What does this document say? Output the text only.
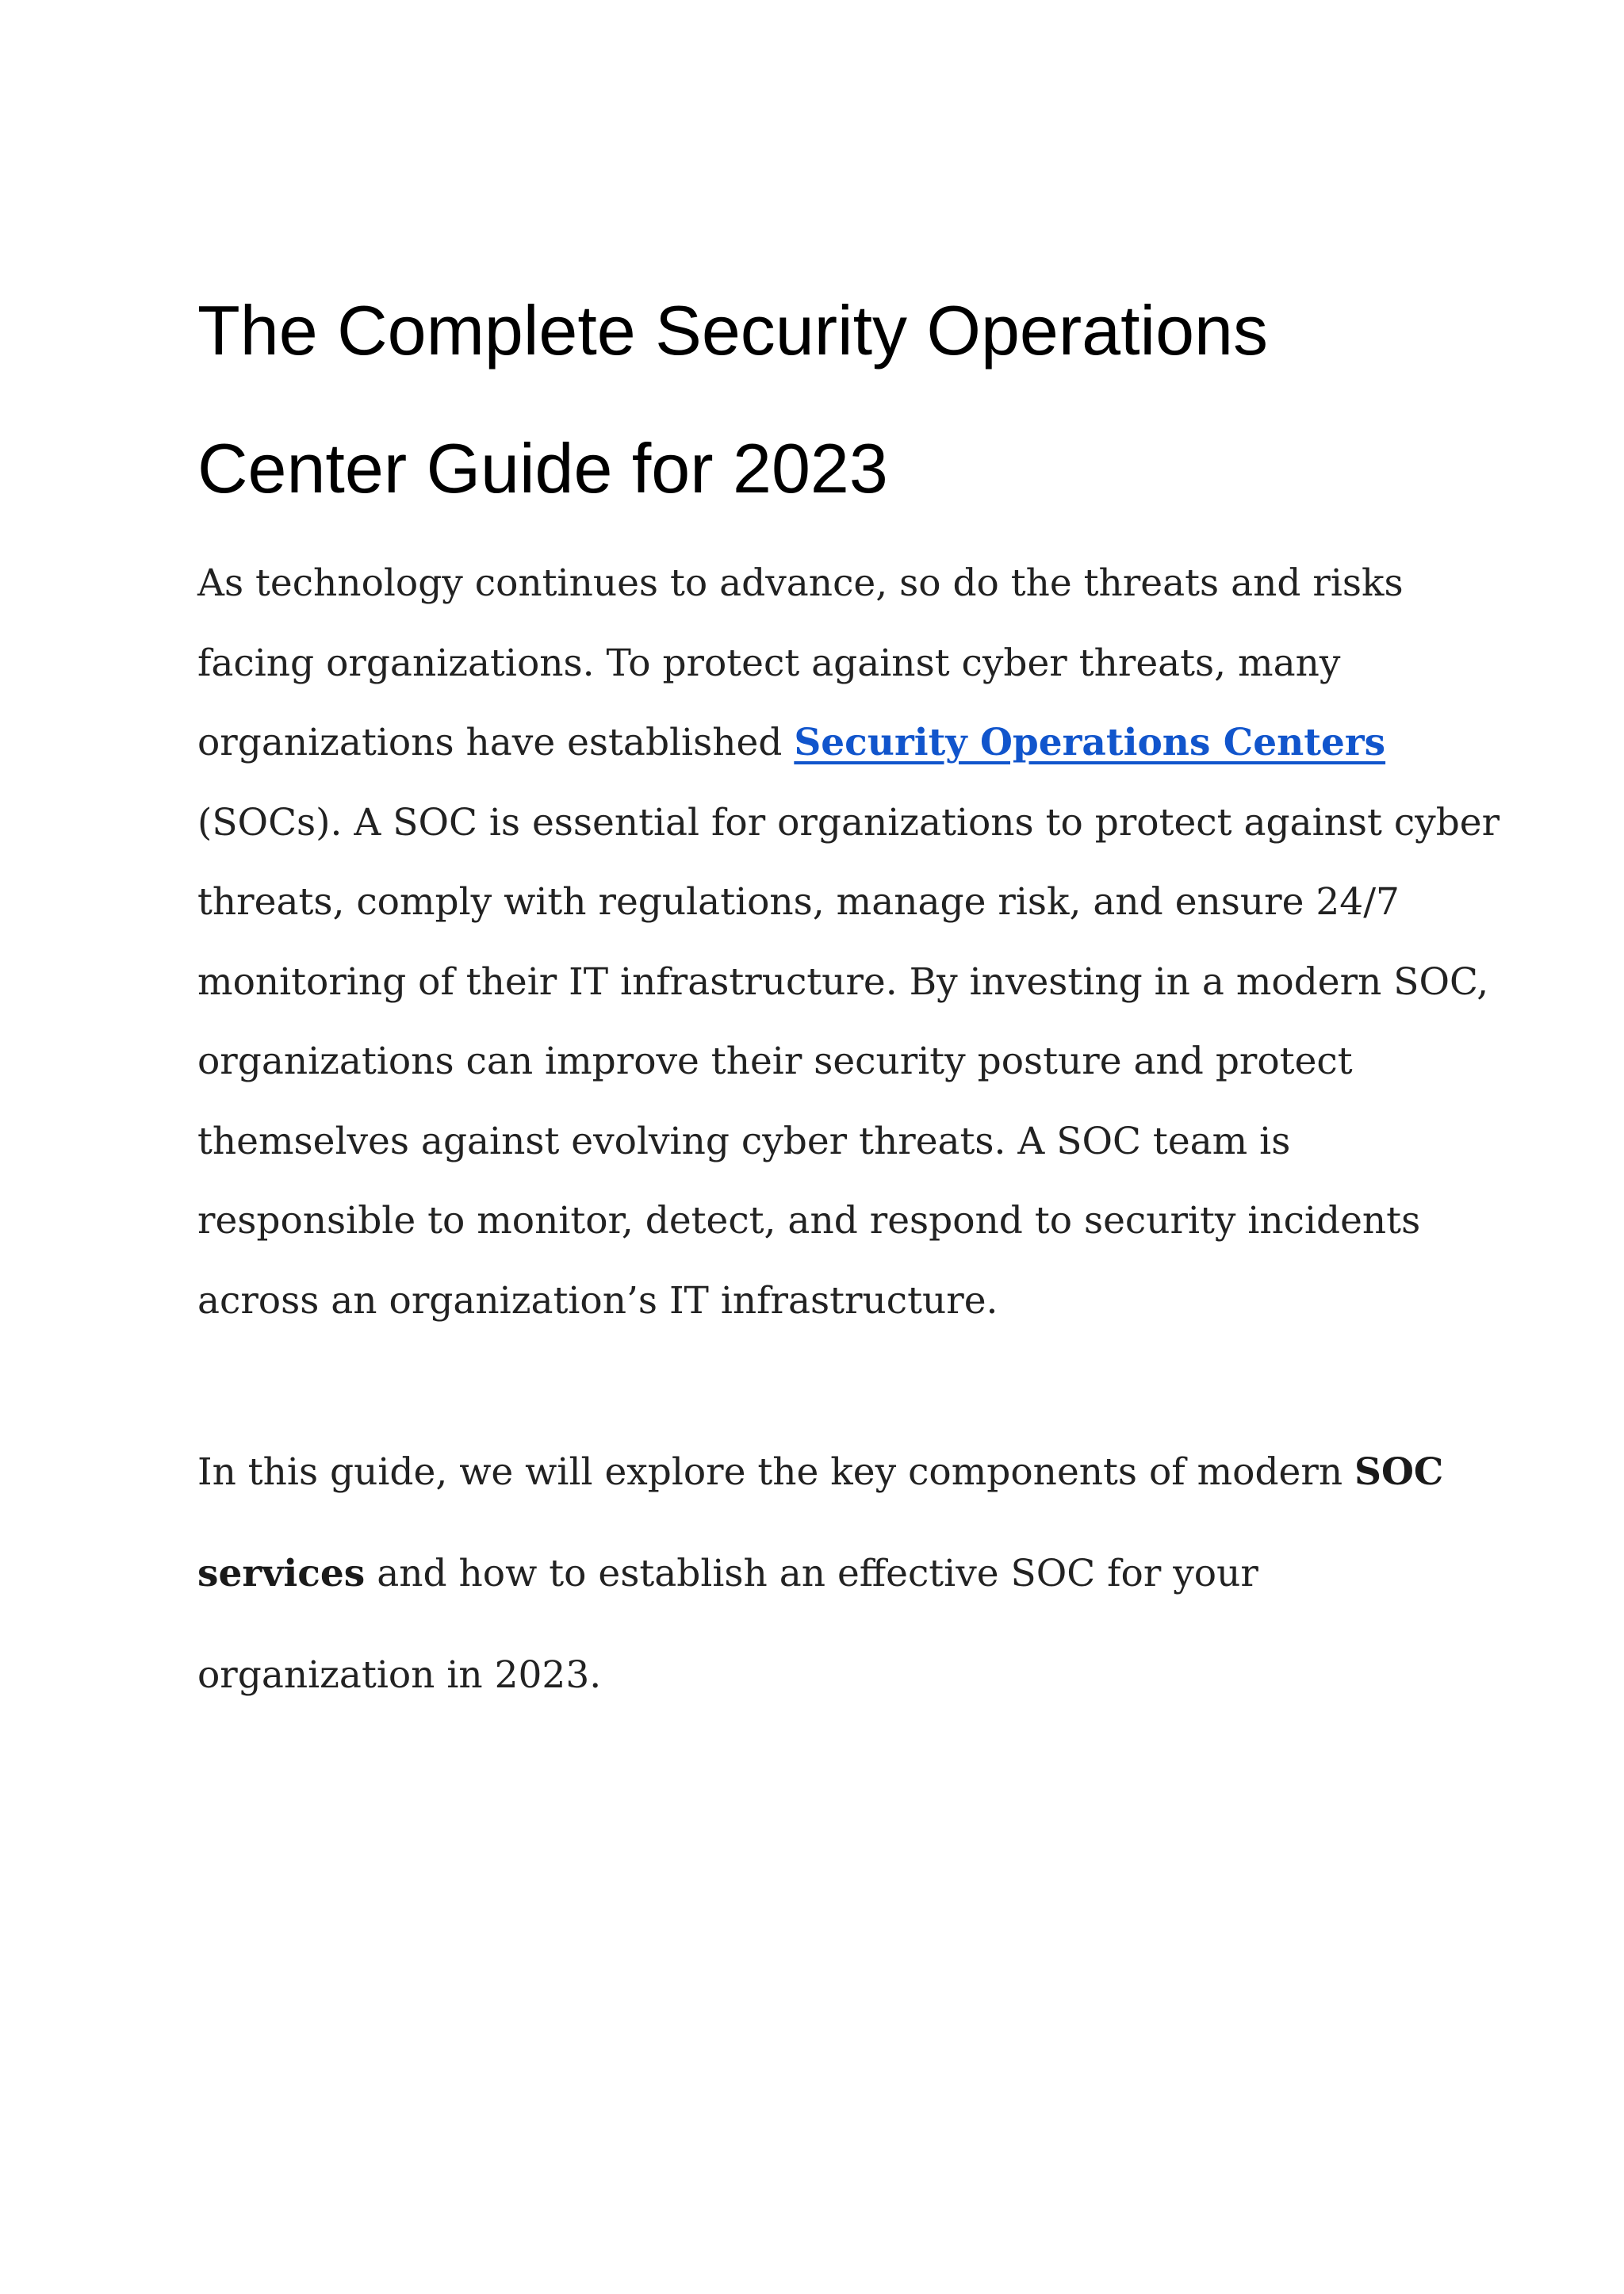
The Complete Security Operations
Center Guide for 2023

As technology continues to advance, so do the threats and risks
facing organizations. To protect against cyber threats, many
organizations have established Security Operations Centers
(SOCs). A SOC is essential for organizations to protect against cyber
threats, comply with regulations, manage risk, and ensure 24/7
monitoring of their IT infrastructure. By investing in a modern SOC,
organizations can improve their security posture and protect
themselves against evolving cyber threats. A SOC team is
responsible to monitor, detect, and respond to security incidents
across an organization’s IT infrastructure.

In this guide, we will explore the key components of modern SOC
services and how to establish an effective SOC for your
organization in 2023.
